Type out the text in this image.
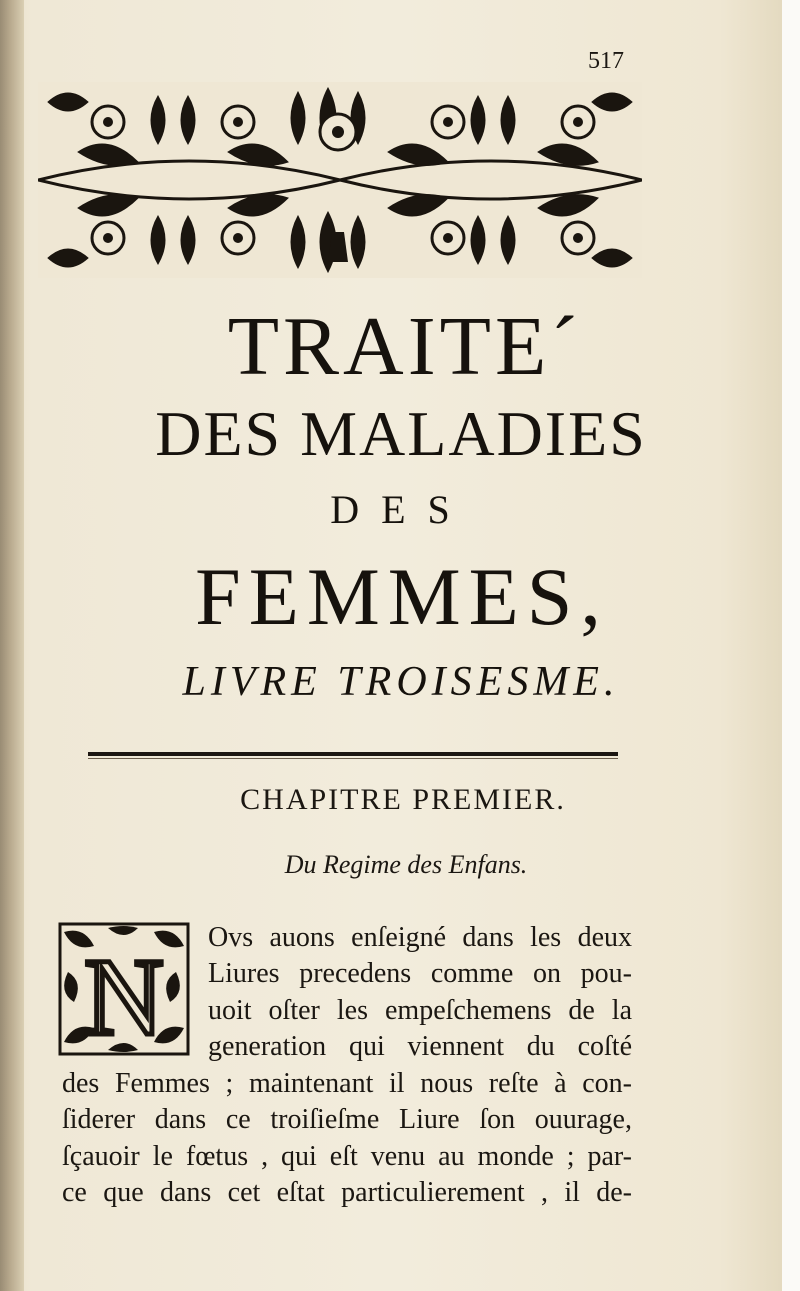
517
TRAITE´
DES MALADIES
DES
FEMMES,
LIVRE TROISESME.
CHAPITRE PREMIER.
Du Regime des Enfans.
N Ovs auons enſeigné dans les deux
Liures precedens comme on pou-
uoit oſter les empeſchemens de la
generation qui viennent du coſté
des Femmes ; maintenant il nous reſte à con-
ſiderer dans ce troiſieſme Liure ſon ouurage,
ſçauoir le fœtus , qui eſt venu au monde ; par-
ce que dans cet eſtat particulierement , il de-
